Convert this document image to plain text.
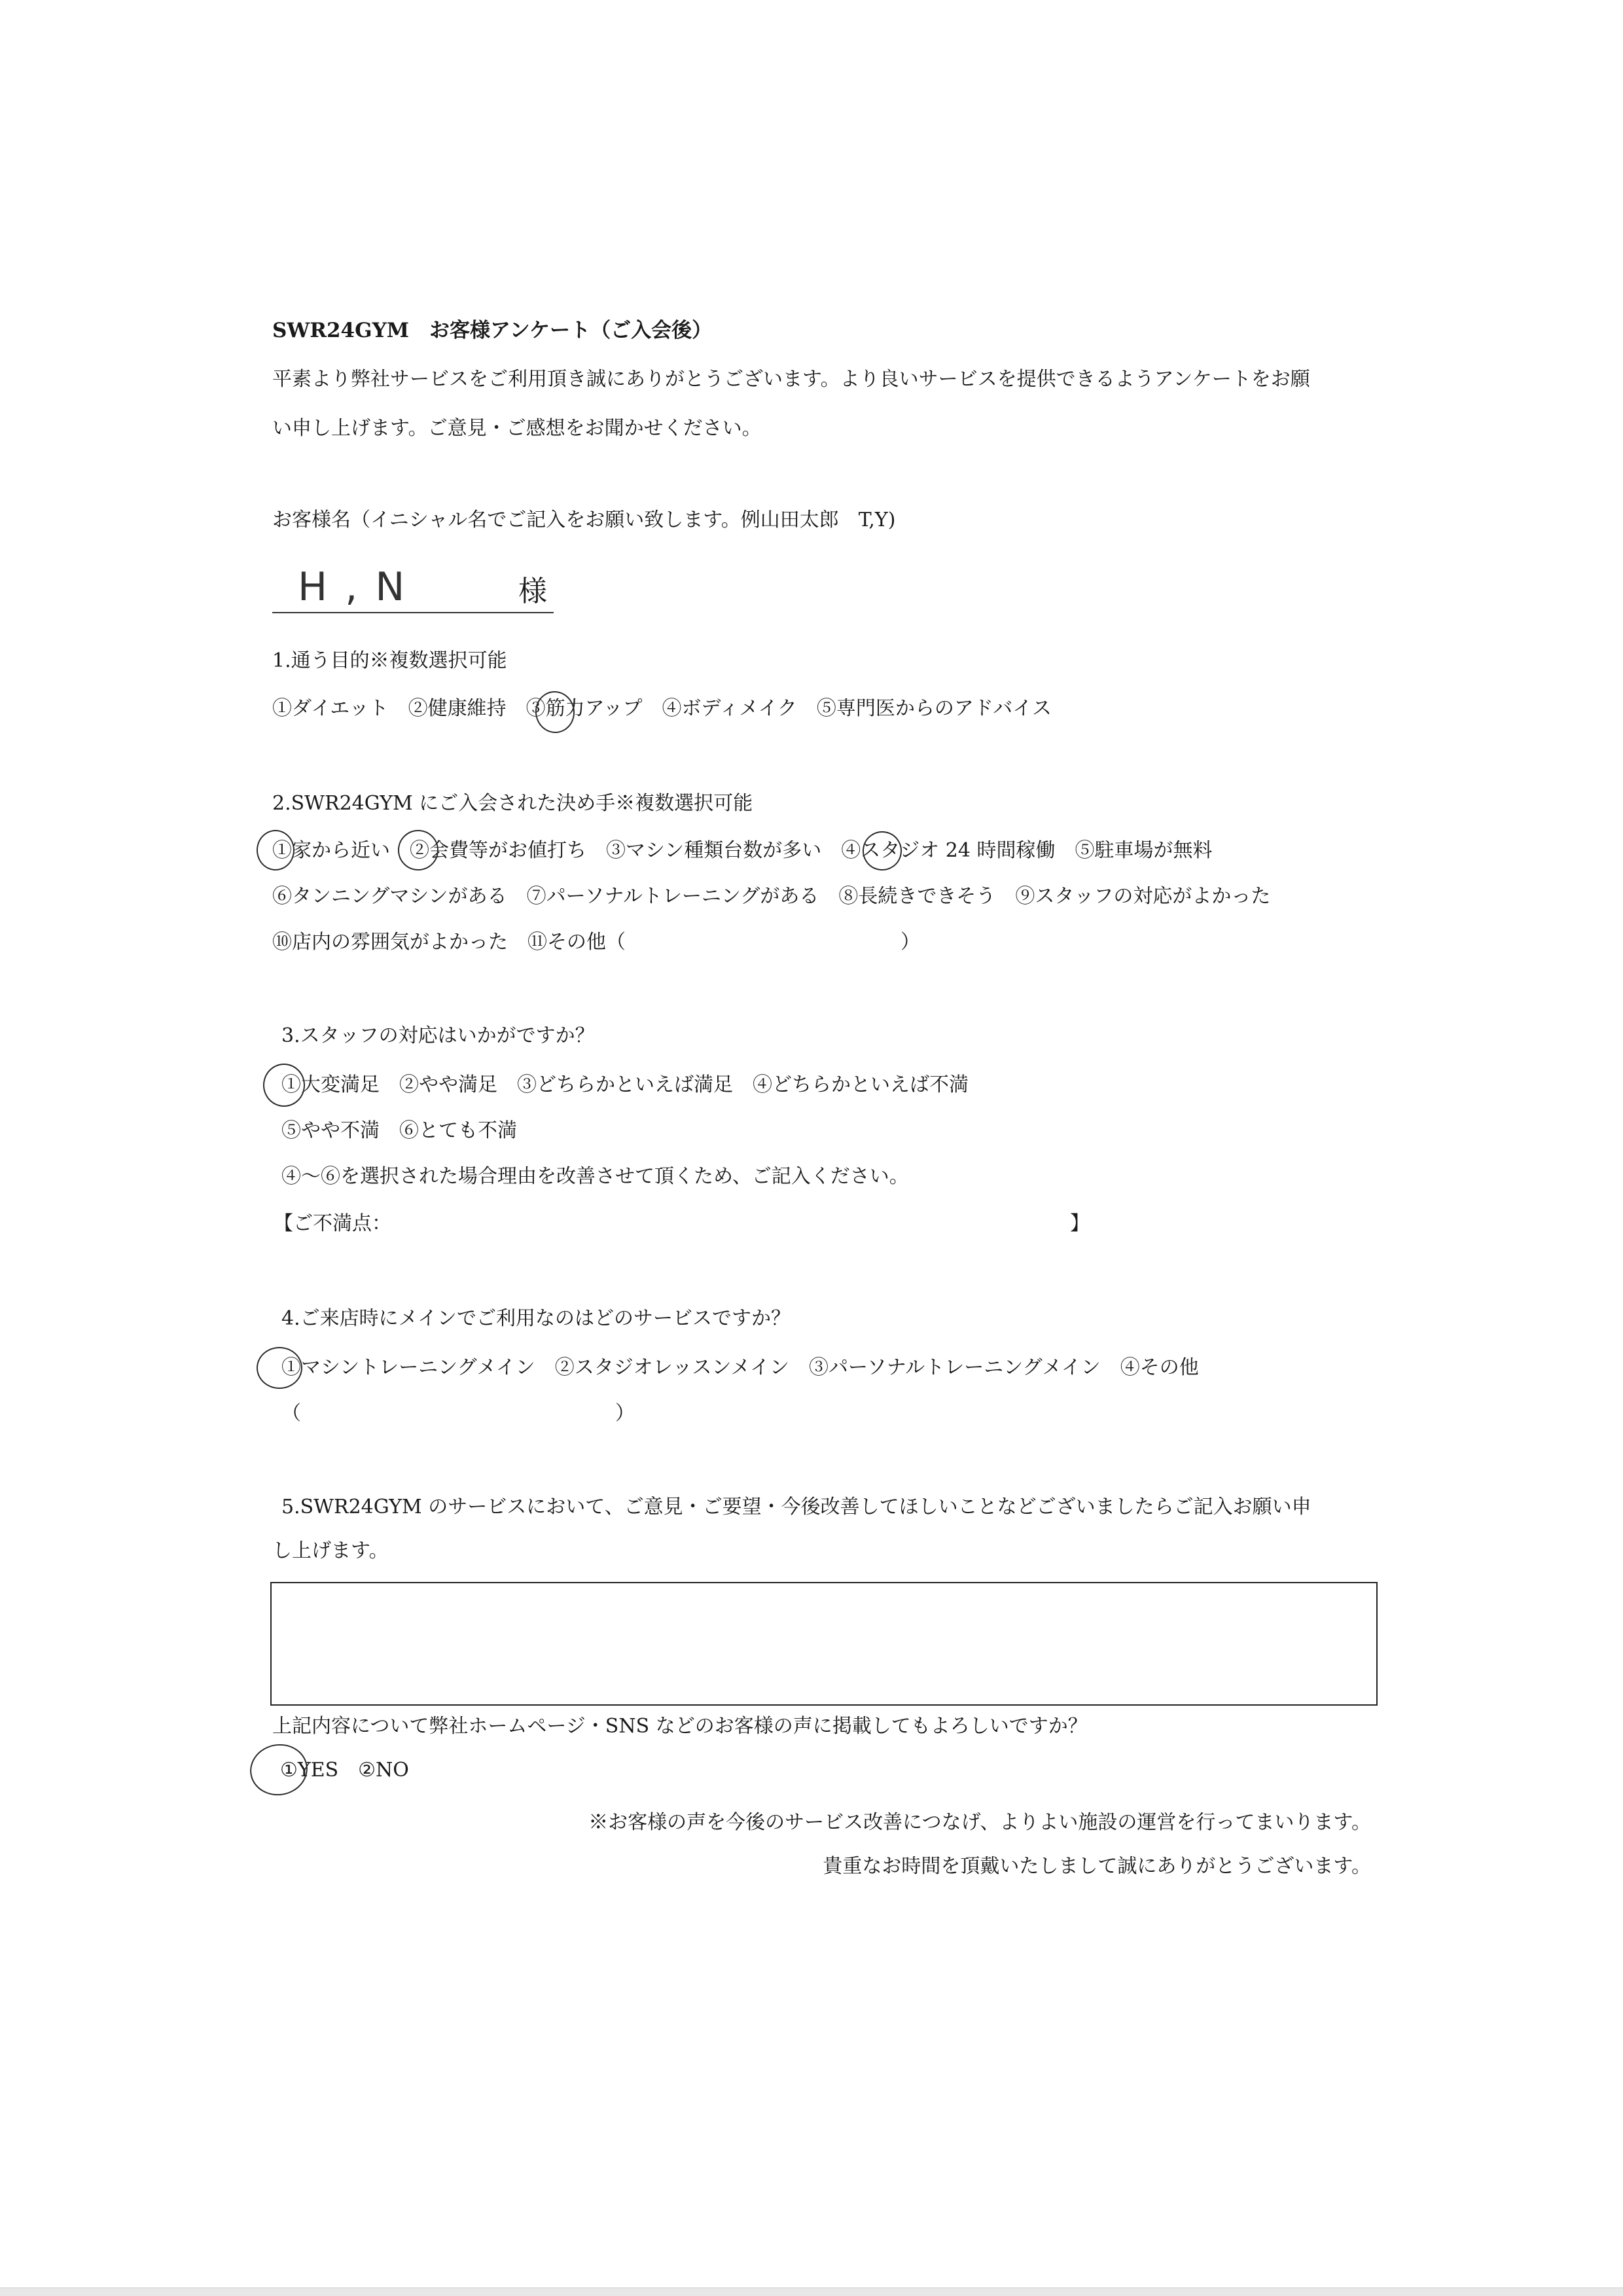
SWR24GYM　お客様アンケート（ご入会後）
平素より弊社サービスをご利用頂き誠にありがとうございます。より良いサービスを提供できるようアンケートをお願
い申し上げます。ご意見・ご感想をお聞かせください。
お客様名（イニシャル名でご記入をお願い致します。例山田太郎　T,Y)
H , N	様
1.通う目的※複数選択可能
①ダイエット　②健康維持　③筋力アップ　④ボディメイク　⑤専門医からのアドバイス
2.SWR24GYM にご入会された決め手※複数選択可能
①家から近い　②会費等がお値打ち　③マシン種類台数が多い　④スタジオ 24 時間稼働　⑤駐車場が無料
⑥タンニングマシンがある　⑦パーソナルトレーニングがある　⑧長続きできそう　⑨スタッフの対応がよかった
⑩店内の雰囲気がよかった　⑪その他（　　　　　　　　　　　　　　）
3.スタッフの対応はいかがですか？
①大変満足　②やや満足　③どちらかといえば満足　④どちらかといえば不満
⑤やや不満　⑥とても不満
④～⑥を選択された場合理由を改善させて頂くため、ご記入ください。
【ご不満点：	】
4.ご来店時にメインでご利用なのはどのサービスですか？
①マシントレーニングメイン　②スタジオレッスンメイン　③パーソナルトレーニングメイン　④その他
（　　　　　　　　　　　　　　　　）
5.SWR24GYM のサービスにおいて、ご意見・ご要望・今後改善してほしいことなどございましたらご記入お願い申
し上げます。
上記内容について弊社ホームページ・SNS などのお客様の声に掲載してもよろしいですか？
①YES　②NO
※お客様の声を今後のサービス改善につなげ、よりよい施設の運営を行ってまいります。
貴重なお時間を頂戴いたしまして誠にありがとうございます。
